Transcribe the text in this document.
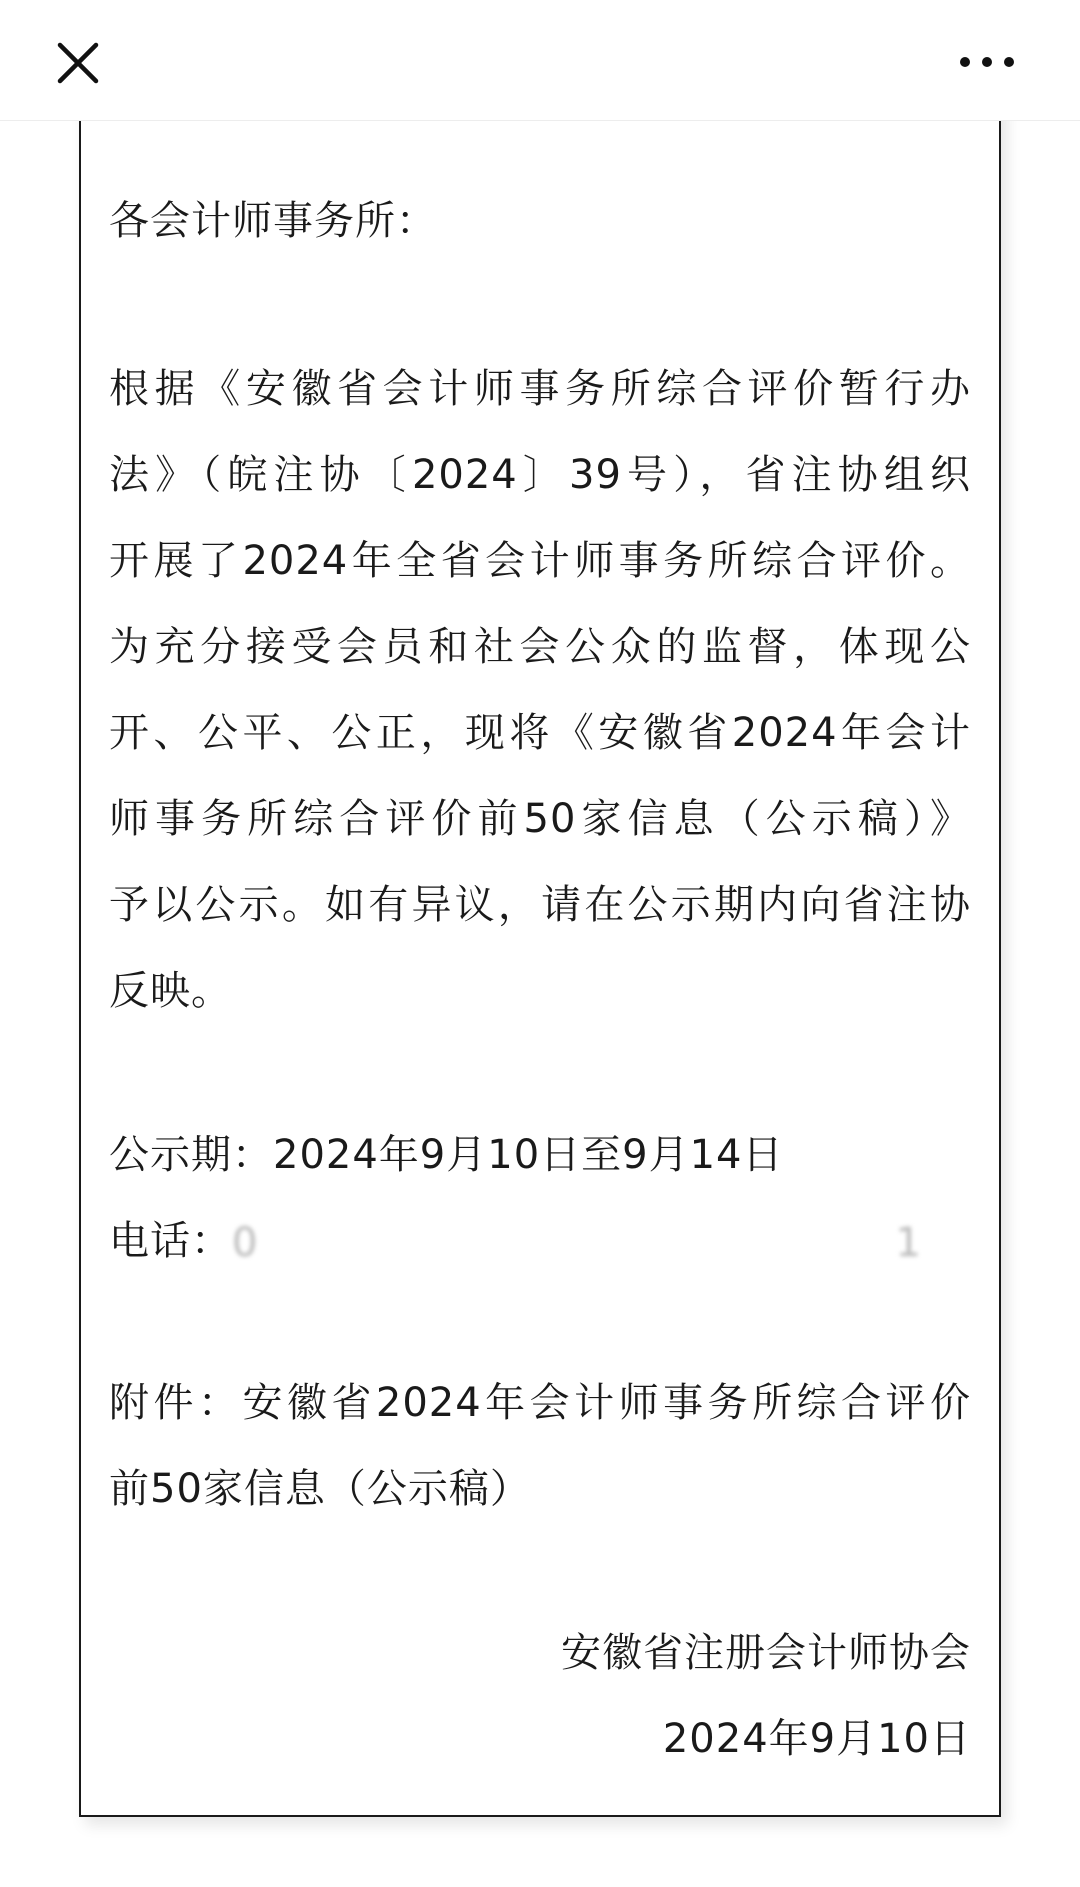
各会计师事务所：
根据《安徽省会计师事务所综合评价暂行办
法》（皖注协〔2024〕39号），省注协组织
开展了2024年全省会计师事务所综合评价。
为充分接受会员和社会公众的监督，体现公
开、公平、公正，现将《安徽省2024年会计
师事务所综合评价前50家信息（公示稿）》
予以公示。如有异议，请在公示期内向省注协
反映。
公示期：2024年9月10日至9月14日
电话： 0	1
附件：安徽省2024年会计师事务所综合评价
前50家信息（公示稿）
安徽省注册会计师协会
2024年9月10日
